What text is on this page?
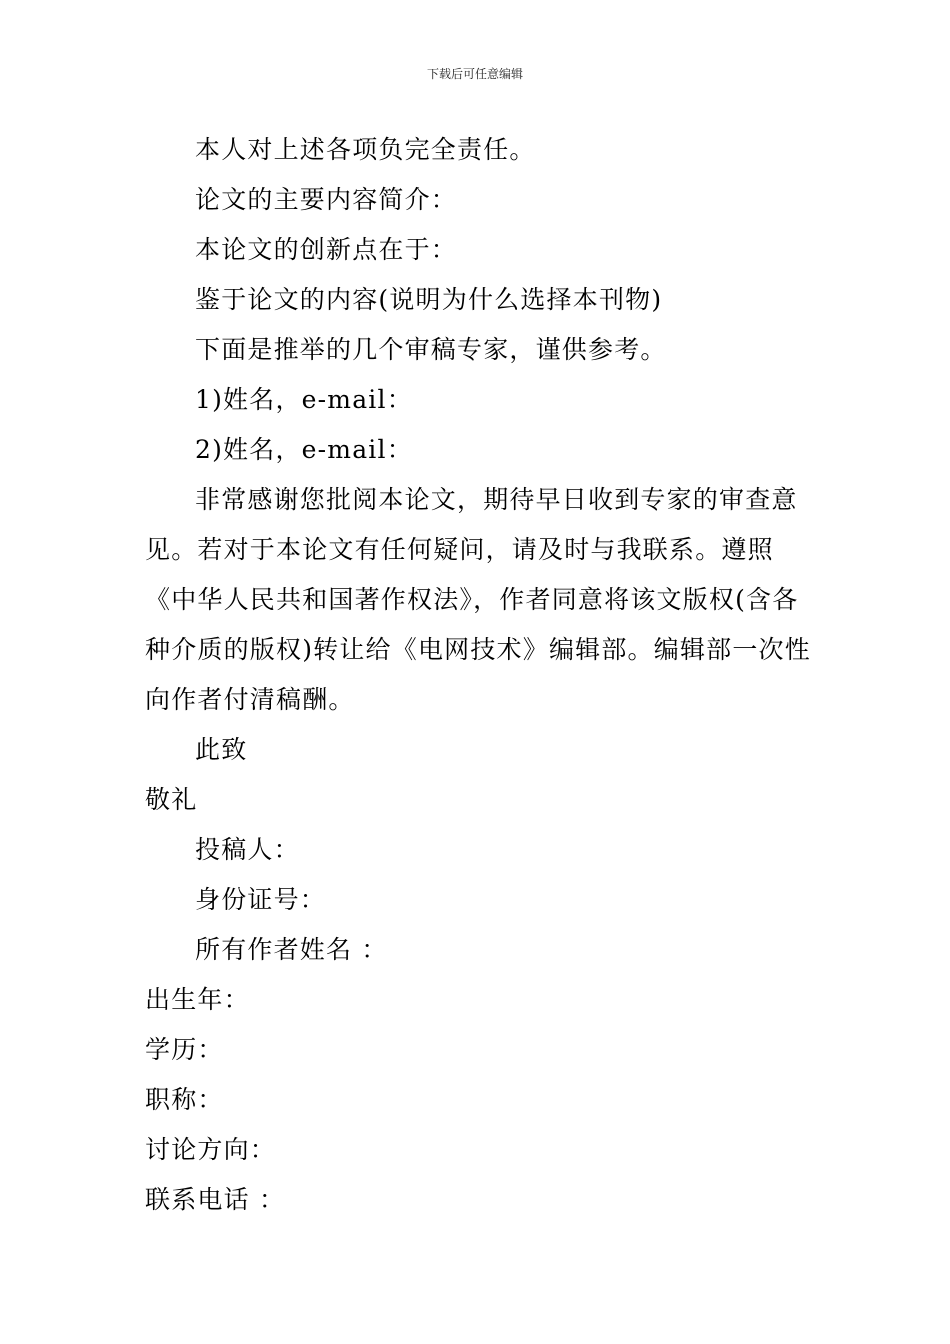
下载后可任意编辑

本人对上述各项负完全责任。

论文的主要内容简介：

本论文的创新点在于：

鉴于论文的内容(说明为什么选择本刊物)

下面是推举的几个审稿专家，谨供参考。

1)姓名，e-mail：

2)姓名，e-mail：

非常感谢您批阅本论文，期待早日收到专家的审查意
见。若对于本论文有任何疑问，请及时与我联系。遵照
《中华人民共和国著作权法》，作者同意将该文版权(含各
种介质的版权)转让给《电网技术》编辑部。编辑部一次性
向作者付清稿酬。

此致

敬礼

投稿人：

身份证号：

所有作者姓名 ：

出生年：

学历：

职称：

讨论方向：

联系电话 ：
